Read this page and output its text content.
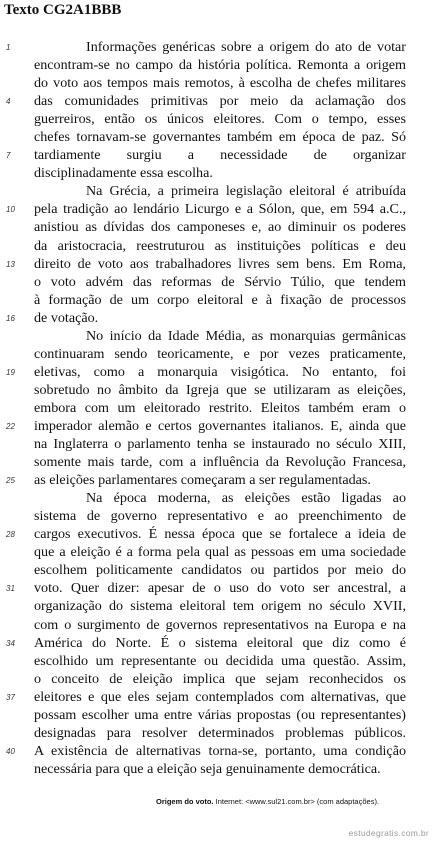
Texto CG2A1BBB
Informações genéricas sobre a origem do ato de votar
1
encontram-se no campo da história política. Remonta a origem
do voto aos tempos mais remotos, à escolha de chefes militares
das comunidades primitivas por meio da aclamação dos
4
guerreiros, então os únicos eleitores. Com o tempo, esses
chefes tornavam-se governantes também em época de paz. Só
tardiamente surgiu a necessidade de organizar
7
disciplinadamente essa escolha.
Na Grécia, a primeira legislação eleitoral é atribuída
pela tradição ao lendário Licurgo e a Sólon, que, em 594 a.C.,
10
anistiou as dívidas dos camponeses e, ao diminuir os poderes
da aristocracia, reestruturou as instituições políticas e deu
direito de voto aos trabalhadores livres sem bens. Em Roma,
13
o voto advém das reformas de Sérvio Túlio, que tendem
à formação de um corpo eleitoral e à fixação de processos
de votação.
16
No início da Idade Média, as monarquias germânicas
continuaram sendo teoricamente, e por vezes praticamente,
eletivas, como a monarquia visigótica. No entanto, foi
19
sobretudo no âmbito da Igreja que se utilizaram as eleições,
embora com um eleitorado restrito. Eleitos também eram o
imperador alemão e certos governantes italianos. E, ainda que
22
na Inglaterra o parlamento tenha se instaurado no século XIII,
somente mais tarde, com a influência da Revolução Francesa,
as eleições parlamentares começaram a ser regulamentadas.
25
Na época moderna, as eleições estão ligadas ao
sistema de governo representativo e ao preenchimento de
cargos executivos. É nessa época que se fortalece a ideia de
28
que a eleição é a forma pela qual as pessoas em uma sociedade
escolhem politicamente candidatos ou partidos por meio do
voto. Quer dizer: apesar de o uso do voto ser ancestral, a
31
organização do sistema eleitoral tem origem no século XVII,
com o surgimento de governos representativos na Europa e na
América do Norte. É o sistema eleitoral que diz como é
34
escolhido um representante ou decidida uma questão. Assim,
o conceito de eleição implica que sejam reconhecidos os
eleitores e que eles sejam contemplados com alternativas, que
37
possam escolher uma entre várias propostas (ou representantes)
designadas para resolver determinados problemas públicos.
A existência de alternativas torna-se, portanto, uma condição
40
necessária para que a eleição seja genuinamente democrática.
Origem do voto. Internet: <www.sul21.com.br> (com adaptações).
estudegratis.com.br
